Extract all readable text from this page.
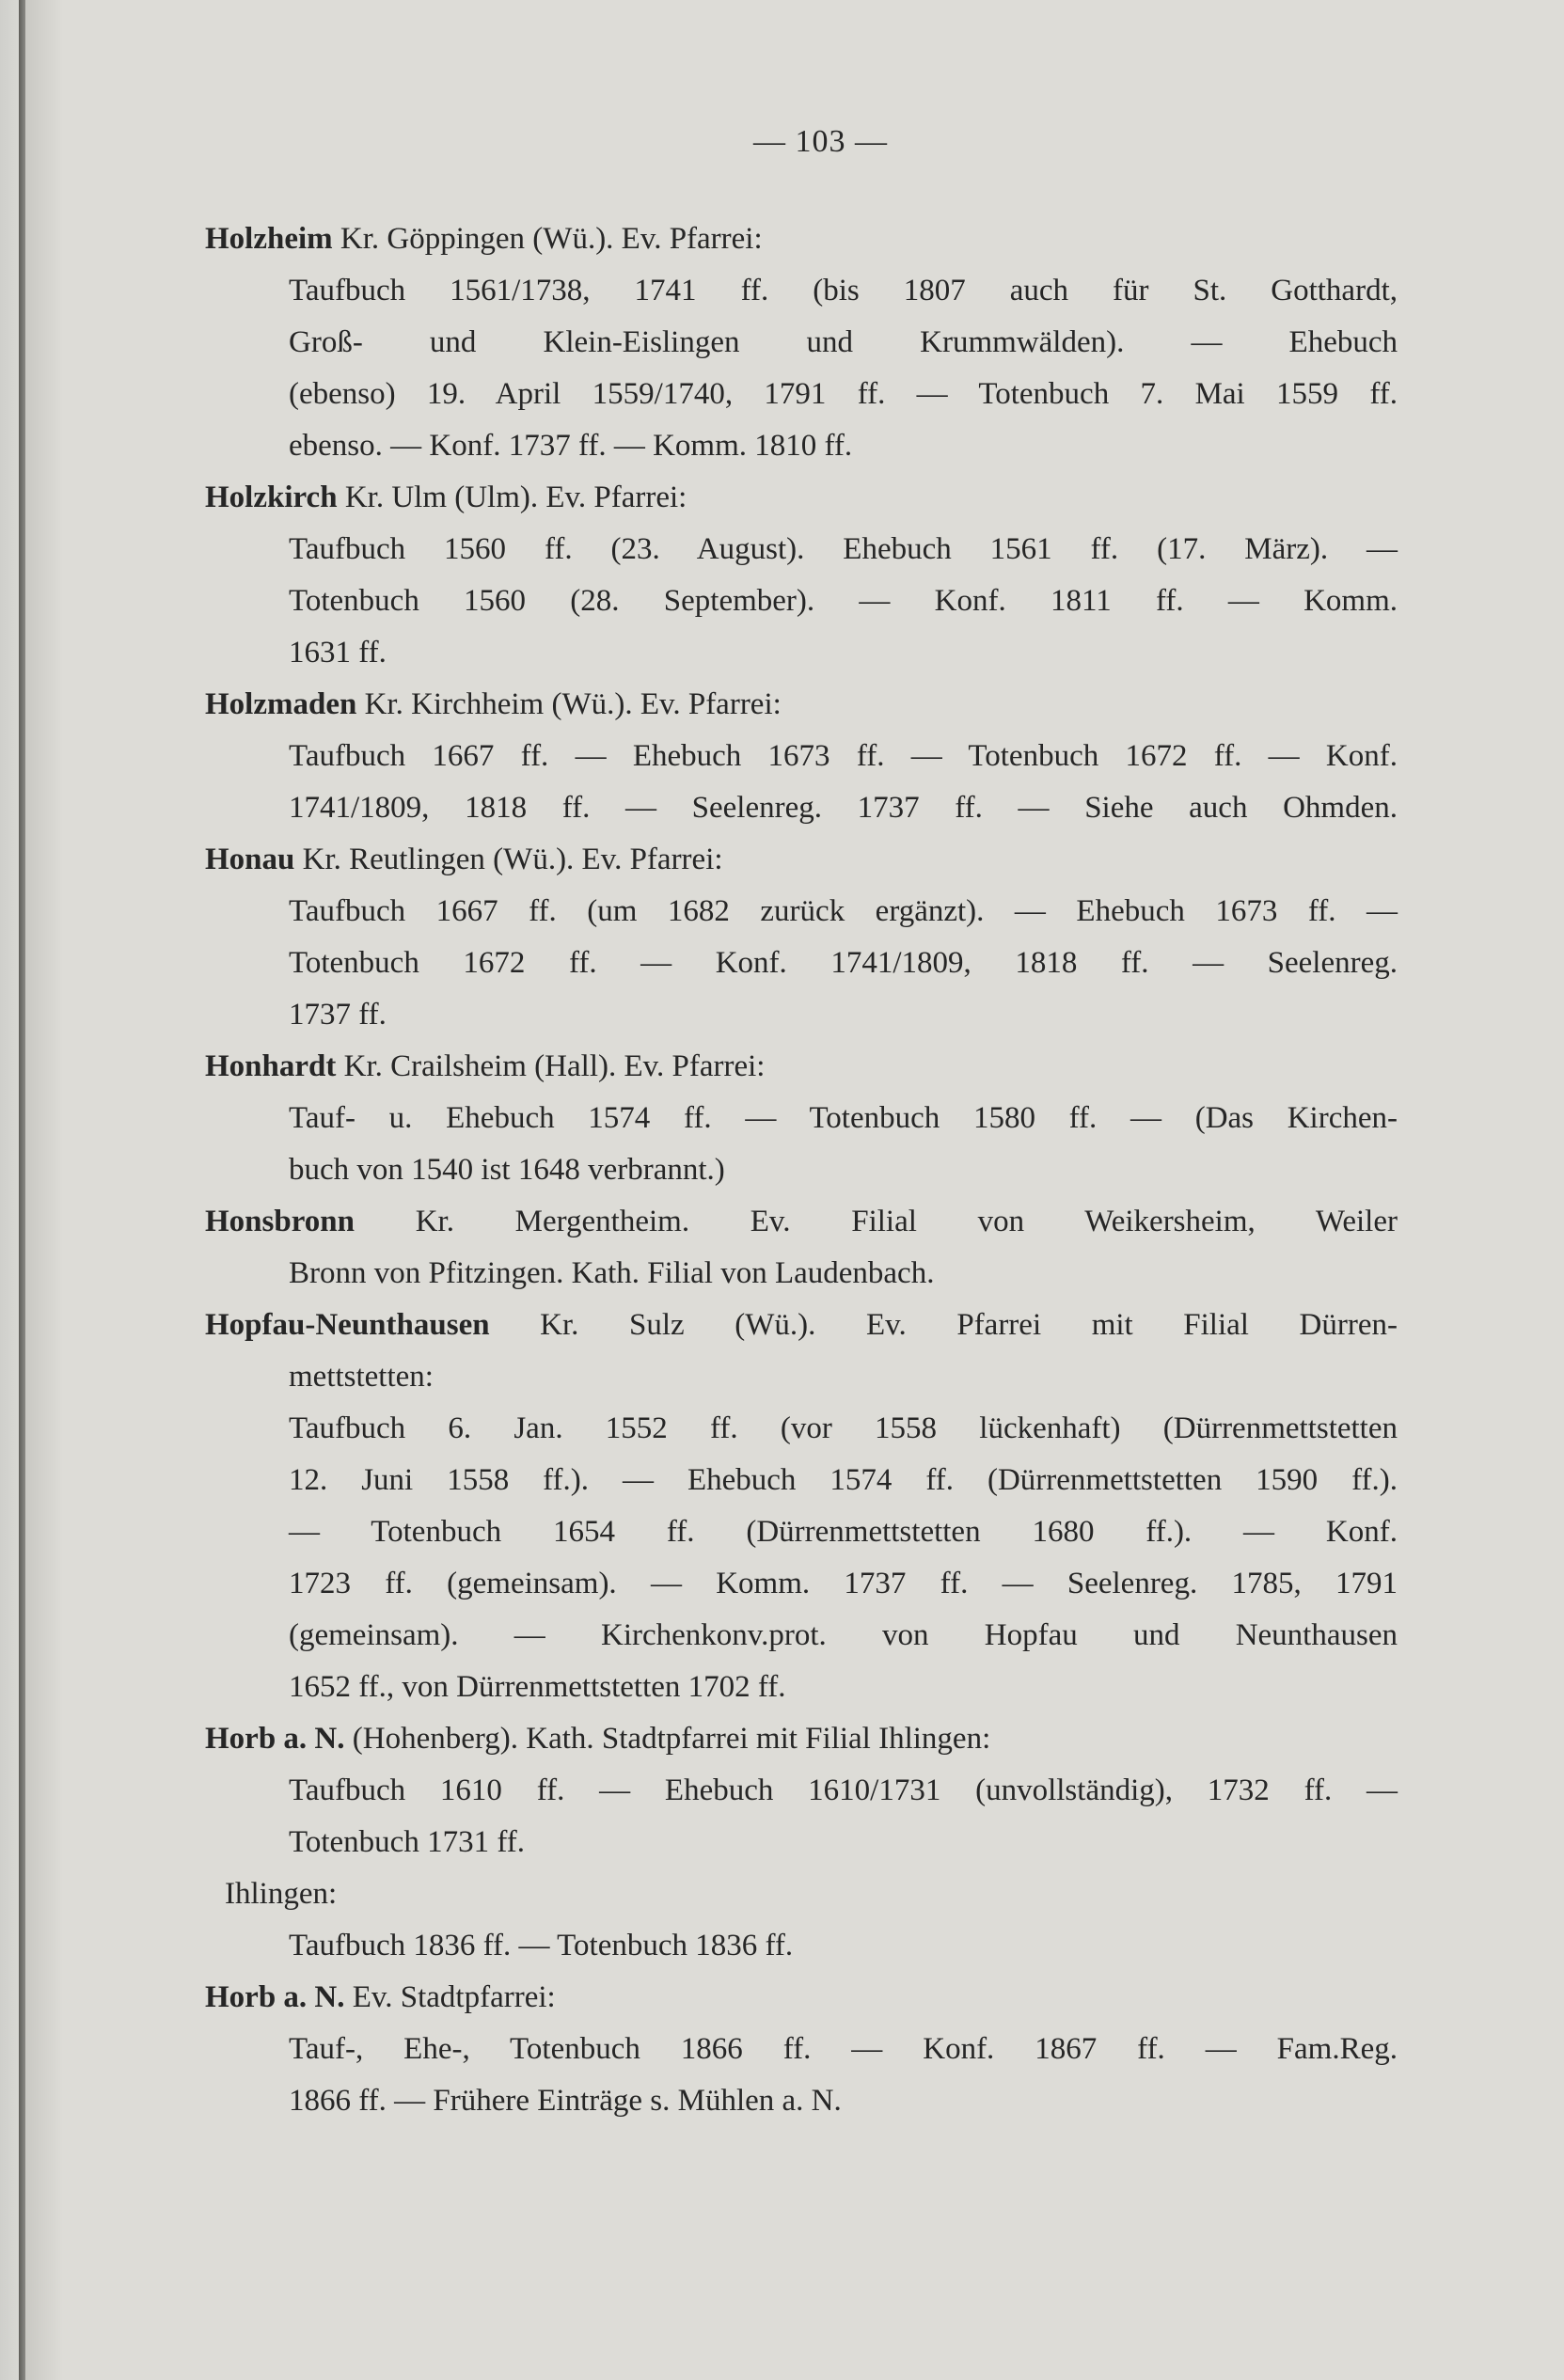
— 103 —
Holzheim Kr. Göppingen (Wü.). Ev. Pfarrei:
Taufbuch 1561/1738, 1741 ff. (bis 1807 auch für St. Gotthardt,
Groß- und Klein-Eislingen und Krummwälden). — Ehebuch
(ebenso) 19. April 1559/1740, 1791 ff. — Totenbuch 7. Mai 1559 ff.
ebenso. — Konf. 1737 ff. — Komm. 1810 ff.
Holzkirch Kr. Ulm (Ulm). Ev. Pfarrei:
Taufbuch 1560 ff. (23. August). Ehebuch 1561 ff. (17. März). —
Totenbuch 1560 (28. September). — Konf. 1811 ff. — Komm.
1631 ff.
Holzmaden Kr. Kirchheim (Wü.). Ev. Pfarrei:
Taufbuch 1667 ff. — Ehebuch 1673 ff. — Totenbuch 1672 ff. — Konf.
1741/1809, 1818 ff. — Seelenreg. 1737 ff. — Siehe auch Ohmden.
Honau Kr. Reutlingen (Wü.). Ev. Pfarrei:
Taufbuch 1667 ff. (um 1682 zurück ergänzt). — Ehebuch 1673 ff. —
Totenbuch 1672 ff. — Konf. 1741/1809, 1818 ff. — Seelenreg.
1737 ff.
Honhardt Kr. Crailsheim (Hall). Ev. Pfarrei:
Tauf- u. Ehebuch 1574 ff. — Totenbuch 1580 ff. — (Das Kirchen-
buch von 1540 ist 1648 verbrannt.)
Honsbronn Kr. Mergentheim. Ev. Filial von Weikersheim, Weiler
Bronn von Pfitzingen. Kath. Filial von Laudenbach.
Hopfau-Neunthausen Kr. Sulz (Wü.). Ev. Pfarrei mit Filial Dürren-
mettstetten:
Taufbuch 6. Jan. 1552 ff. (vor 1558 lückenhaft) (Dürrenmettstetten
12. Juni 1558 ff.). — Ehebuch 1574 ff. (Dürrenmettstetten 1590 ff.).
— Totenbuch 1654 ff. (Dürrenmettstetten 1680 ff.). — Konf.
1723 ff. (gemeinsam). — Komm. 1737 ff. — Seelenreg. 1785, 1791
(gemeinsam). — Kirchenkonv.prot. von Hopfau und Neunthausen
1652 ff., von Dürrenmettstetten 1702 ff.
Horb a. N. (Hohenberg). Kath. Stadtpfarrei mit Filial Ihlingen:
Taufbuch 1610 ff. — Ehebuch 1610/1731 (unvollständig), 1732 ff. —
Totenbuch 1731 ff.
Ihlingen:
Taufbuch 1836 ff. — Totenbuch 1836 ff.
Horb a. N. Ev. Stadtpfarrei:
Tauf-, Ehe-, Totenbuch 1866 ff. — Konf. 1867 ff. — Fam.Reg.
1866 ff. — Frühere Einträge s. Mühlen a. N.
